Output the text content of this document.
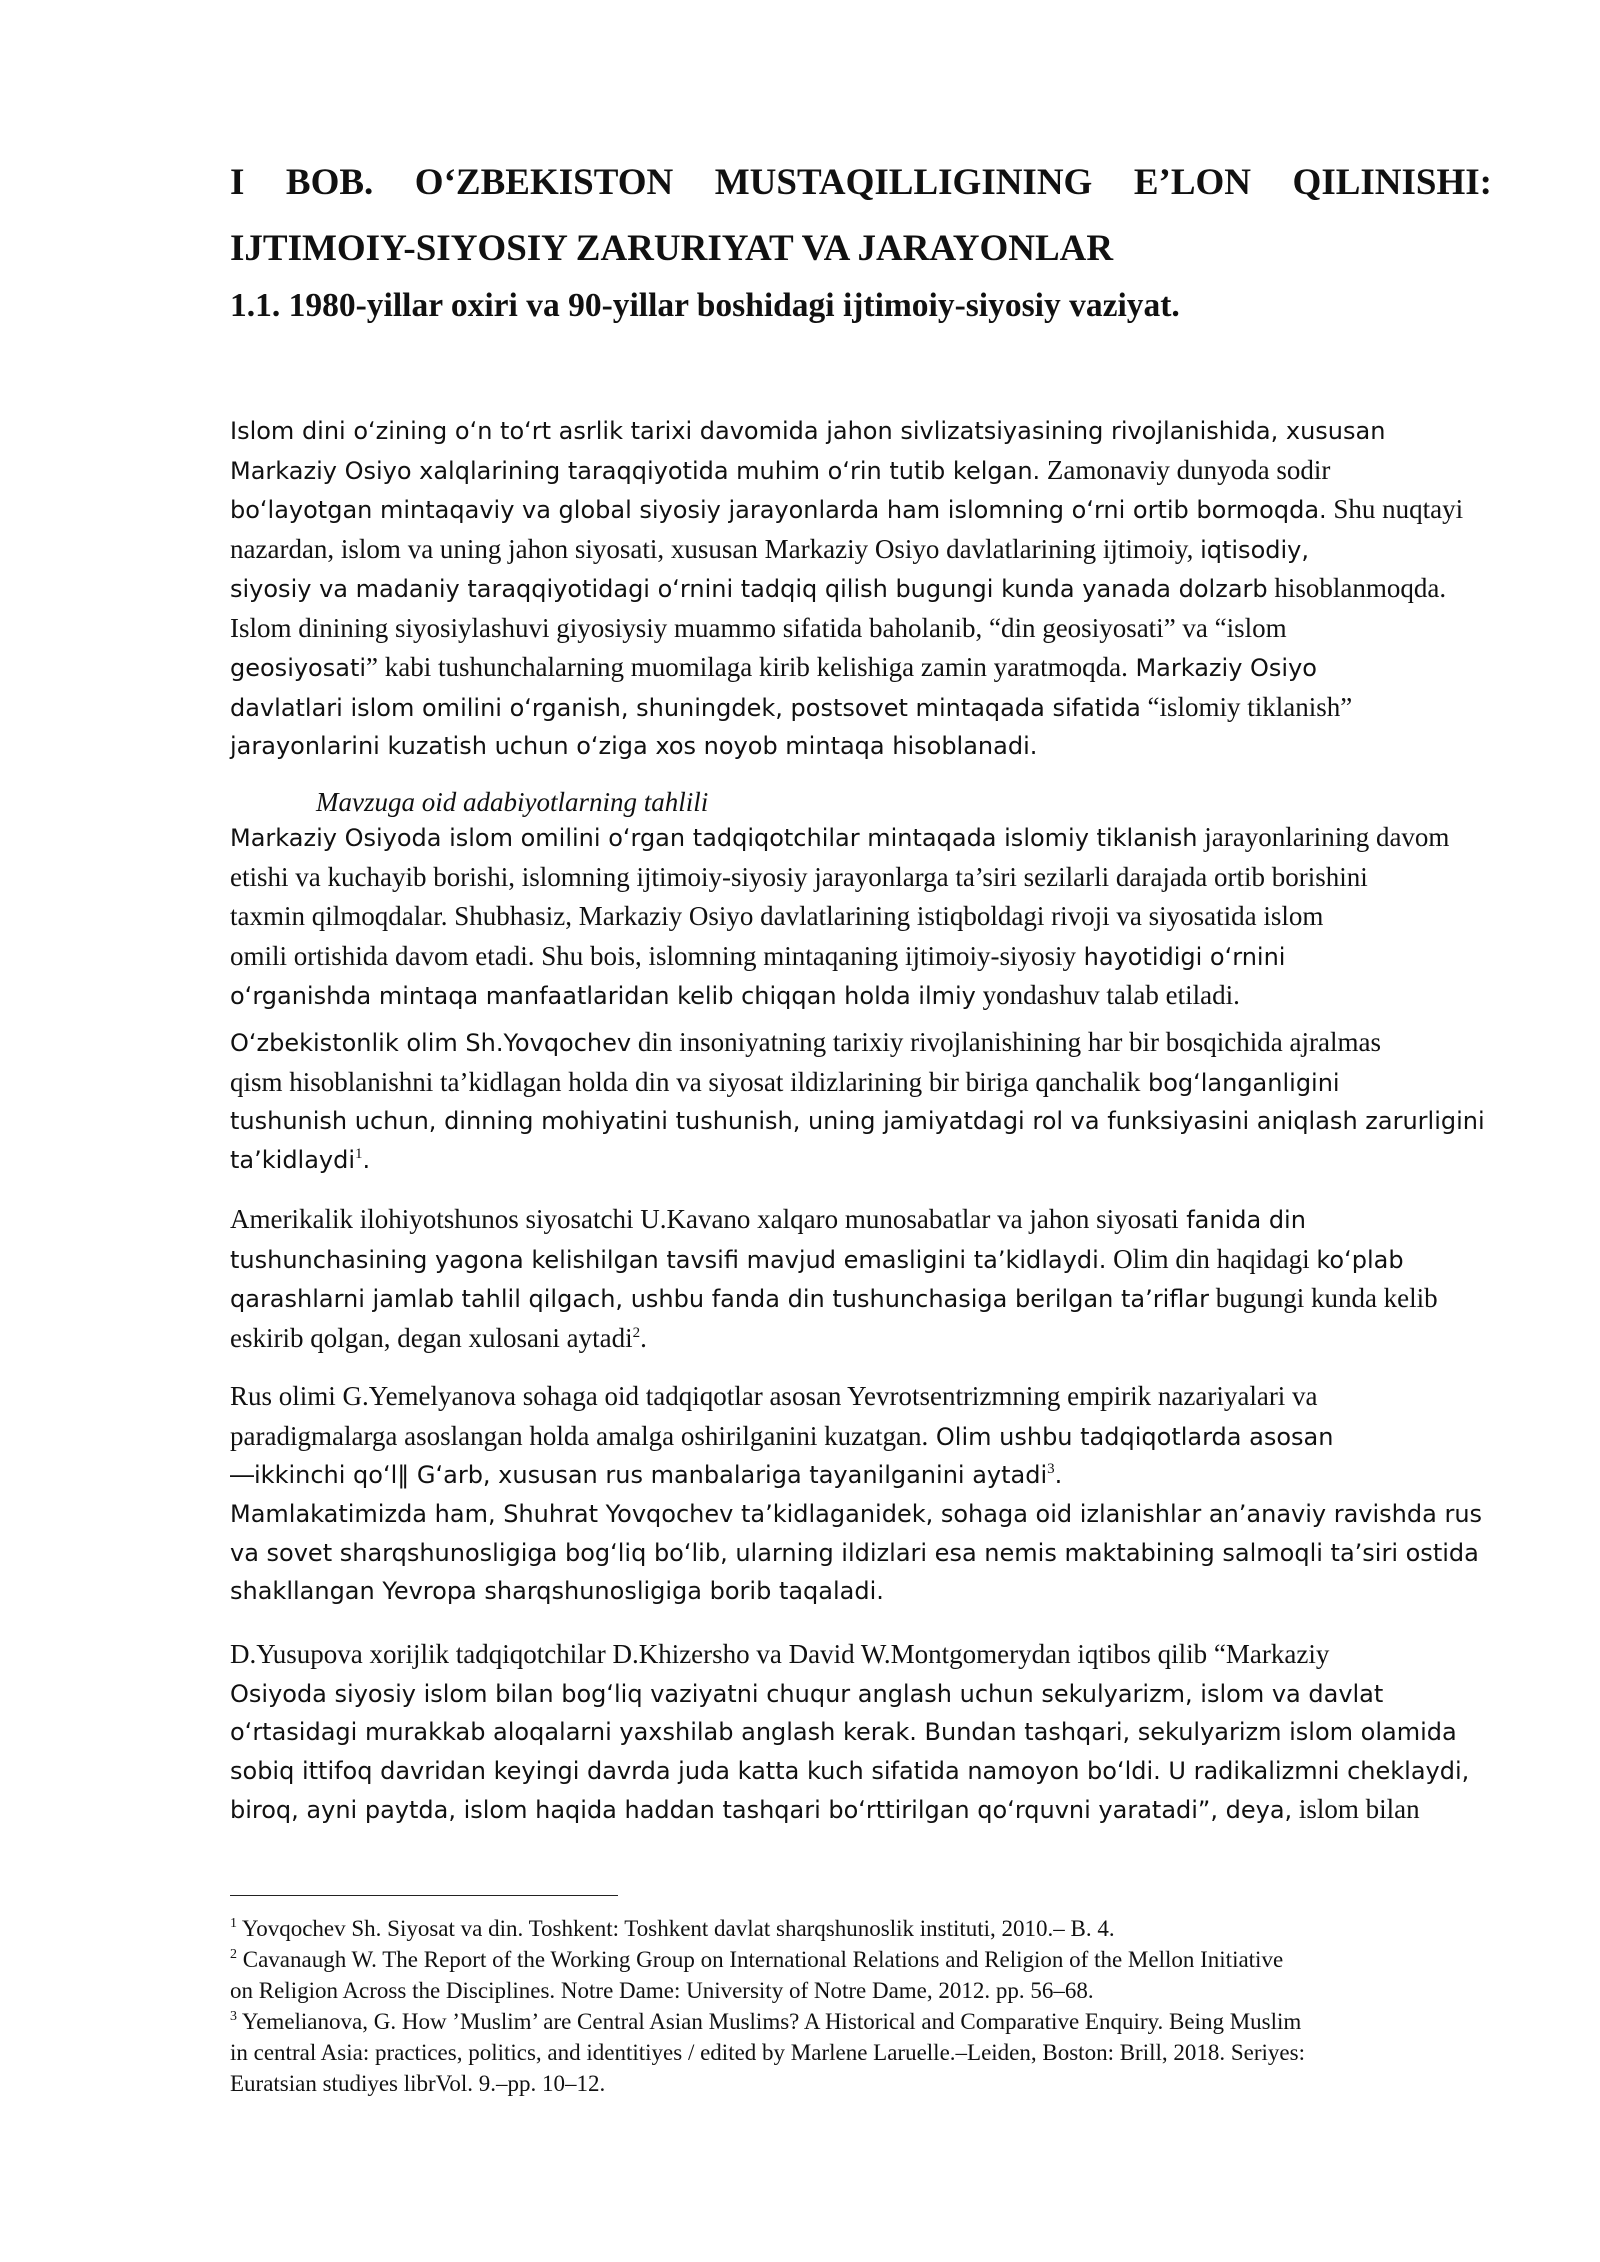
I BOB. O‘ZBEKISTON MUSTAQILLIGINING E’LON QILINISHI:
IJTIMOIY-SIYOSIY ZARURIYAT VA JARAYONLAR
1.1. 1980-yillar oxiri va 90-yillar boshidagi ijtimoiy-siyosiy vaziyat.

Islom dini oʻzining oʻn toʻrt asrlik tarixi davomida jahon sivlizatsiyasining rivojlanishida, xususan
Markaziy Osiyo xalqlarining taraqqiyotida muhim oʻrin tutib kelgan. Zamonaviy dunyoda sodir
boʻlayotgan mintaqaviy va global siyosiy jarayonlarda ham islomning oʻrni ortib bormoqda. Shu nuqtayi
nazardan, islom va uning jahon siyosati, xususan Markaziy Osiyo davlatlarining ijtimoiy, iqtisodiy,
siyosiy va madaniy taraqqiyotidagi oʻrnini tadqiq qilish bugungi kunda yanada dolzarb hisoblanmoqda.
Islom dinining siyosiylashuvi giyosiysiy muammo sifatida baholanib, “din geosiyosati” va “islom
geosiyosati” kabi tushunchalarning muomilaga kirib kelishiga zamin yaratmoqda. Markaziy Osiyo
davlatlari islom omilini oʻrganish, shuningdek, postsovet mintaqada sifatida “islomiy tiklanish”
jarayonlarini kuzatish uchun oʻziga xos noyob mintaqa hisoblanadi.

Mavzuga oid adabiyotlarning tahlili

Markaziy Osiyoda islom omilini oʻrgan tadqiqotchilar mintaqada islomiy tiklanish jarayonlarining davom
etishi va kuchayib borishi, islomning ijtimoiy-siyosiy jarayonlarga ta’siri sezilarli darajada ortib borishini
taxmin qilmoqdalar. Shubhasiz, Markaziy Osiyo davlatlarining istiqboldagi rivoji va siyosatida islom
omili ortishida davom etadi. Shu bois, islomning mintaqaning ijtimoiy-siyosiy hayotidigi oʻrnini
oʻrganishda mintaqa manfaatlaridan kelib chiqqan holda ilmiy yondashuv talab etiladi.

Oʻzbekistonlik olim Sh.Yovqochev din insoniyatning tarixiy rivojlanishining har bir bosqichida ajralmas
qism hisoblanishni ta’kidlagan holda din va siyosat ildizlarining bir biriga qanchalik bogʻlanganligini
tushunish uchun, dinning mohiyatini tushunish, uning jamiyatdagi rol va funksiyasini aniqlash zarurligini
ta’kidlaydi$^1$.

Amerikalik ilohiyotshunos siyosatchi U.Kavano xalqaro munosabatlar va jahon siyosati fanida din
tushunchasining yagona kelishilgan tavsifi mavjud emasligini ta’kidlaydi. Olim din haqidagi koʻplab
qarashlarni jamlab tahlil qilgach, ushbu fanda din tushunchasiga berilgan ta’riflar bugungi kunda kelib
eskirib qolgan, degan xulosani aytadi$^2$.

Rus olimi G.Yemelyanova sohaga oid tadqiqotlar asosan Yevrotsentrizmning empirik nazariyalari va
paradigmalarga asoslangan holda amalga oshirilganini kuzatgan. Olim ushbu tadqiqotlarda asosan
―ikkinchi qoʻl‖ Gʻarb, xususan rus manbalariga tayanilganini aytadi$^3$.

Mamlakatimizda ham, Shuhrat Yovqochev ta’kidlaganidek, sohaga oid izlanishlar an’anaviy ravishda rus
va sovet sharqshunosligiga bogʻliq boʻlib, ularning ildizlari esa nemis maktabining salmoqli ta’siri ostida
shakllangan Yevropa sharqshunosligiga borib taqaladi.

D.Yusupova xorijlik tadqiqotchilar D.Khizersho va David W.Montgomerydan iqtibos qilib “Markaziy
Osiyoda siyosiy islom bilan bogʻliq vaziyatni chuqur anglash uchun sekulyarizm, islom va davlat
oʻrtasidagi murakkab aloqalarni yaxshilab anglash kerak. Bundan tashqari, sekulyarizm islom olamida
sobiq ittifoq davridan keyingi davrda juda katta kuch sifatida namoyon boʻldi. U radikalizmni cheklaydi,
biroq, ayni paytda, islom haqida haddan tashqari boʻrttirilgan qoʻrquvni yaratadi”, deya, islom bilan

$^1$ Yovqochev Sh. Siyosat va din. Toshkent: Toshkent davlat sharqshunoslik instituti, 2010.– B. 4.
$^2$ Cavanaugh W. The Report of the Working Group on International Relations and Religion of the Mellon Initiative
on Religion Across the Disciplines. Notre Dame: University of Notre Dame, 2012. pp. 56–68.
$^3$ Yemelianova, G. How ’Muslim’ are Central Asian Muslims? A Historical and Comparative Enquiry. Being Muslim
in central Asia: practices, politics, and identitiyes / edited by Marlene Laruelle.–Leiden, Boston: Brill, 2018. Seriyes:
Euratsian studiyes librVol. 9.–pp. 10–12.
